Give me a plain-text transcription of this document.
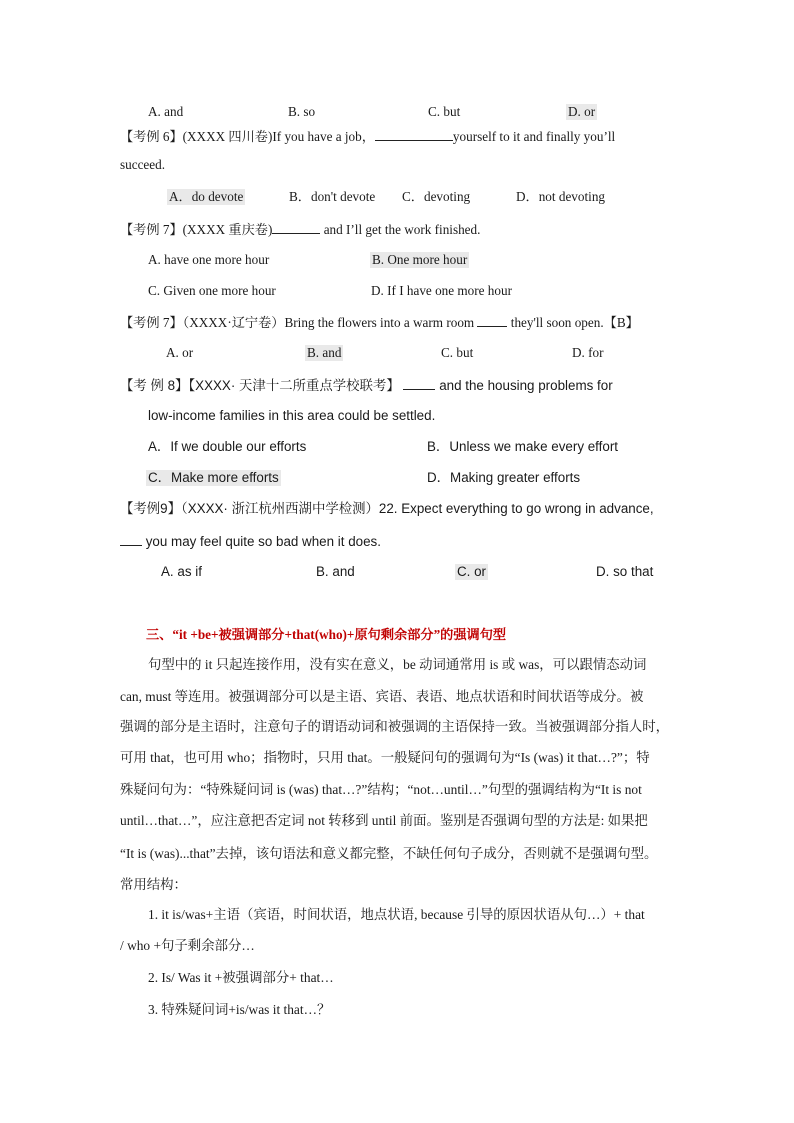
A. and	B. so	C. but	D. or
【考例 6】(XXXX 四川卷)If you have a job，	yourself to it and finally you’ll
succeed.
A．do devote	B．don't devote C．devoting	D．not devoting
【考例 7】(XXXX 重庆卷)	and I’ll get the work finished.
A. have one more hour	B. One more hour
C. Given one more hour	D. If I have one more hour
【考例 7】（XXXX·辽宁卷）Bring the flowers into a warm room	they'll soon open.【B】
A. or	B. and	C. but	D. for
【考 例 8】【XXXX· 天津十二所重点学校联考】	and the housing problems for
low-income families in this area could be settled.
A．If we double our efforts	B．Unless we make every effort
C．Make more efforts	D．Making greater efforts
【考例9】（XXXX· 浙江杭州西湖中学检测）22. Expect everything to go wrong in advance,
you may feel quite so bad when it does.
A. as if	B. and	C. or	D. so that
三、“it +be+被强调部分+that(who)+原句剩余部分”的强调句型
句型中的 it 只起连接作用，没有实在意义，be 动词通常用 is 或 was，可以跟情态动词
can, must 等连用。被强调部分可以是主语、宾语、表语、地点状语和时间状语等成分。被
强调的部分是主语时，注意句子的谓语动词和被强调的主语保持一致。当被强调部分指人时，
可用 that，也可用 who；指物时，只用 that。一般疑问句的强调句为“Is (was) it that…?”；特
殊疑问句为：“特殊疑问词 is (was) that…?”结构；“not…until…”句型的强调结构为“It is not
until…that…”，应注意把否定词 not 转移到 until 前面。鉴别是否强调句型的方法是: 如果把
“It is (was)...that”去掉，该句语法和意义都完整，不缺任何句子成分，否则就不是强调句型。
常用结构：
1. it is/was+主语（宾语，时间状语，地点状语, because 引导的原因状语从句…）+ that
/ who +句子剩余部分…
2. Is/ Was it +被强调部分+ that…
3. 特殊疑问词+is/was it that…？
